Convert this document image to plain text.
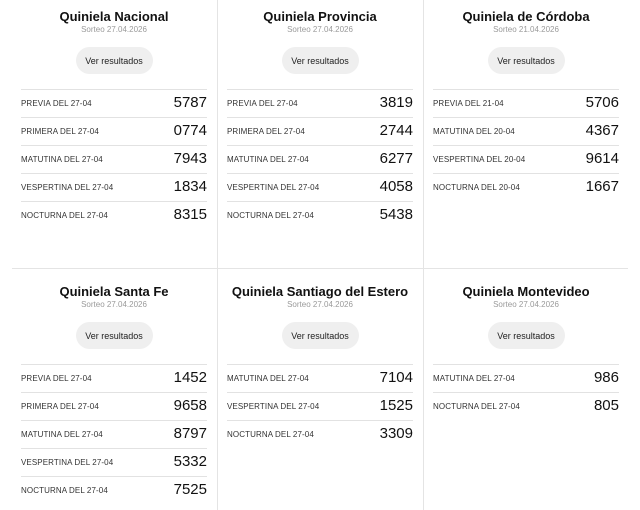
Quiniela Nacional
Sorteo 27.04.2026
Ver resultados
PREVIA DEL 27-04	5787
PRIMERA DEL 27-04	0774
MATUTINA DEL 27-04	7943
VESPERTINA DEL 27-04	1834
NOCTURNA DEL 27-04	8315
Quiniela Provincia
Sorteo 27.04.2026
Ver resultados
PREVIA DEL 27-04	3819
PRIMERA DEL 27-04	2744
MATUTINA DEL 27-04	6277
VESPERTINA DEL 27-04	4058
NOCTURNA DEL 27-04	5438
Quiniela de Córdoba
Sorteo 21.04.2026
Ver resultados
PREVIA DEL 21-04	5706
MATUTINA DEL 20-04	4367
VESPERTINA DEL 20-04	9614
NOCTURNA DEL 20-04	1667
Quiniela Santa Fe
Sorteo 27.04.2026
Ver resultados
PREVIA DEL 27-04	1452
PRIMERA DEL 27-04	9658
MATUTINA DEL 27-04	8797
VESPERTINA DEL 27-04	5332
NOCTURNA DEL 27-04	7525
Quiniela Santiago del Estero
Sorteo 27.04.2026
Ver resultados
MATUTINA DEL 27-04	7104
VESPERTINA DEL 27-04	1525
NOCTURNA DEL 27-04	3309
Quiniela Montevideo
Sorteo 27.04.2026
Ver resultados
MATUTINA DEL 27-04	986
NOCTURNA DEL 27-04	805
